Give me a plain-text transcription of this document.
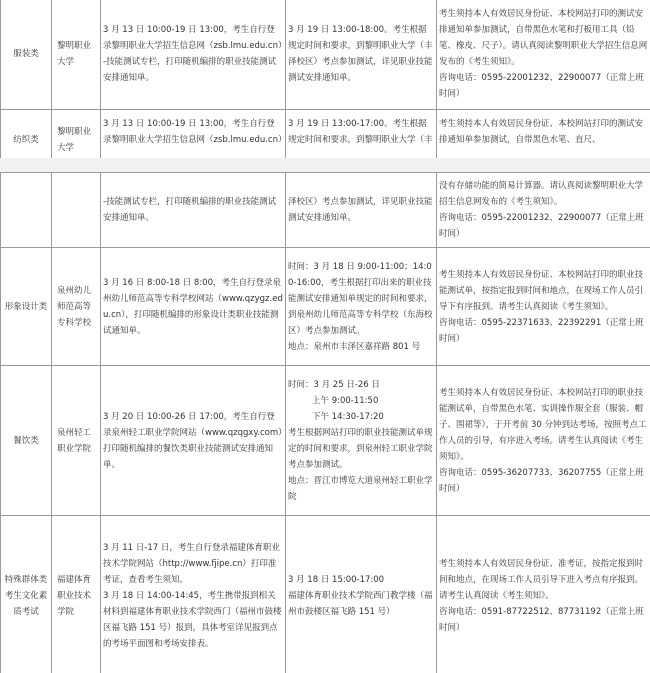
服装类	黎明职业大学	3 月 13 日 10:00-19 日 13:00，考生自行登录黎明职业大学招生信息网（zsb.lmu.edu.cn）-技能测试专栏，打印随机编排的职业技能测试安排通知单。	3 月 19 日 13:00-18:00。考生根据规定时间和要求，到黎明职业大学（丰泽校区）考点参加测试，详见职业技能测试安排通知单。	考生须持本人有效居民身份证、本校网站打印的测试安排通知单参加测试，自带黑色水笔和打板用工具（铅笔、橡皮、尺子）。请认真阅读黎明职业大学招生信息网发布的《考生须知》。
咨询电话：0595-22001232、22900077（正常上班时间）

纺织类	黎明职业大学	3 月 13 日 10:00-19 日 13:00，考生自行登录黎明职业大学招生信息网（zsb.lmu.edu.cn）	3 月 19 日 13:00-17:00。考生根据规定时间和要求，到黎明职业大学（丰	考生须持本人有效居民身份证、本校网站打印的测试安排通知单参加测试，自带黑色水笔、直尺、
		-技能测试专栏，打印随机编排的职业技能测试安排通知单。	泽校区）考点参加测试，详见职业技能测试安排通知单。	没有存储功能的简易计算器。请认真阅读黎明职业大学招生信息网发布的《考生须知》。
咨询电话：0595-22001232、22900077（正常上班时间）

形象设计类	泉州幼儿师范高等专科学校	3 月 16 日 8:00-18 日 8:00，考生自行登录泉州幼儿师范高等专科学校网站（www.qzygz.edu.cn），打印随机编排的形象设计类职业技能测试通知单。	时间：3 月 18 日 9:00-11:00；14:00-16:00，考生根据打印出来的职业技能测试安排通知单规定的时间和要求，到泉州幼儿师范高等专科学校（东海校区）考点参加测试。
地点：泉州市丰泽区嘉祥路 801 号	考生须持本人有效居民身份证、本校网站打印的职业技能测试单，按指定报到时间和地点，在现场工作人员引导下有序报到。请考生认真阅读《考生须知》。
咨询电话：0595-22371633、22392291（正常上班时间）

餐饮类	泉州轻工职业学院	3 月 20 日 10:00-26 日 17:00，考生自行登录泉州轻工职业学院网站（www.qzqgxy.com）打印随机编排的餐饮类职业技能测试安排通知单。	时间：3 月 25 日-26 日
上午 9:00-11:50
下午 14:30-17:20
考生根据网站打印的职业技能测试单规定的时间和要求，到泉州轻工职业学院考点参加测试。
地点：晋江市博览大道泉州轻工职业学院	考生须持本人有效居民身份证、本校网站打印的职业技能测试单，自带黑色水笔、实训操作服全套（服装、帽子、围裙等），于开考前 30 分钟到达考场，按照考点工作人员的引导，有序进入考场。请考生认真阅读《考生须知》。
咨询电话：0595-36207733、36207755（正常上班时间）

特殊群体类考生文化素质考试	福建体育职业技术学院	3 月 11 日-17 日，考生自行登录福建体育职业技术学院网站（http://www.fjipe.cn）打印准考证，查看考生须知。
3 月 18 日 14:00-14:45，考生携带报到相关材料到福建体育职业技术学院西门（福州市鼓楼区福飞路 151 号）报到，具体考室详见报到点的考场平面图和考场安排表。	3 月 18 日 15:00-17:00
福建体育职业技术学院西门教学楼（福州市鼓楼区福飞路 151 号）	考生须持本人有效居民身份证、准考证，按指定报到时间和地点，在现场工作人员引导下进入考点有序报到。请考生认真阅读《考生须知》。
咨询电话：0591-87722512、87731192（正常上班时间）
